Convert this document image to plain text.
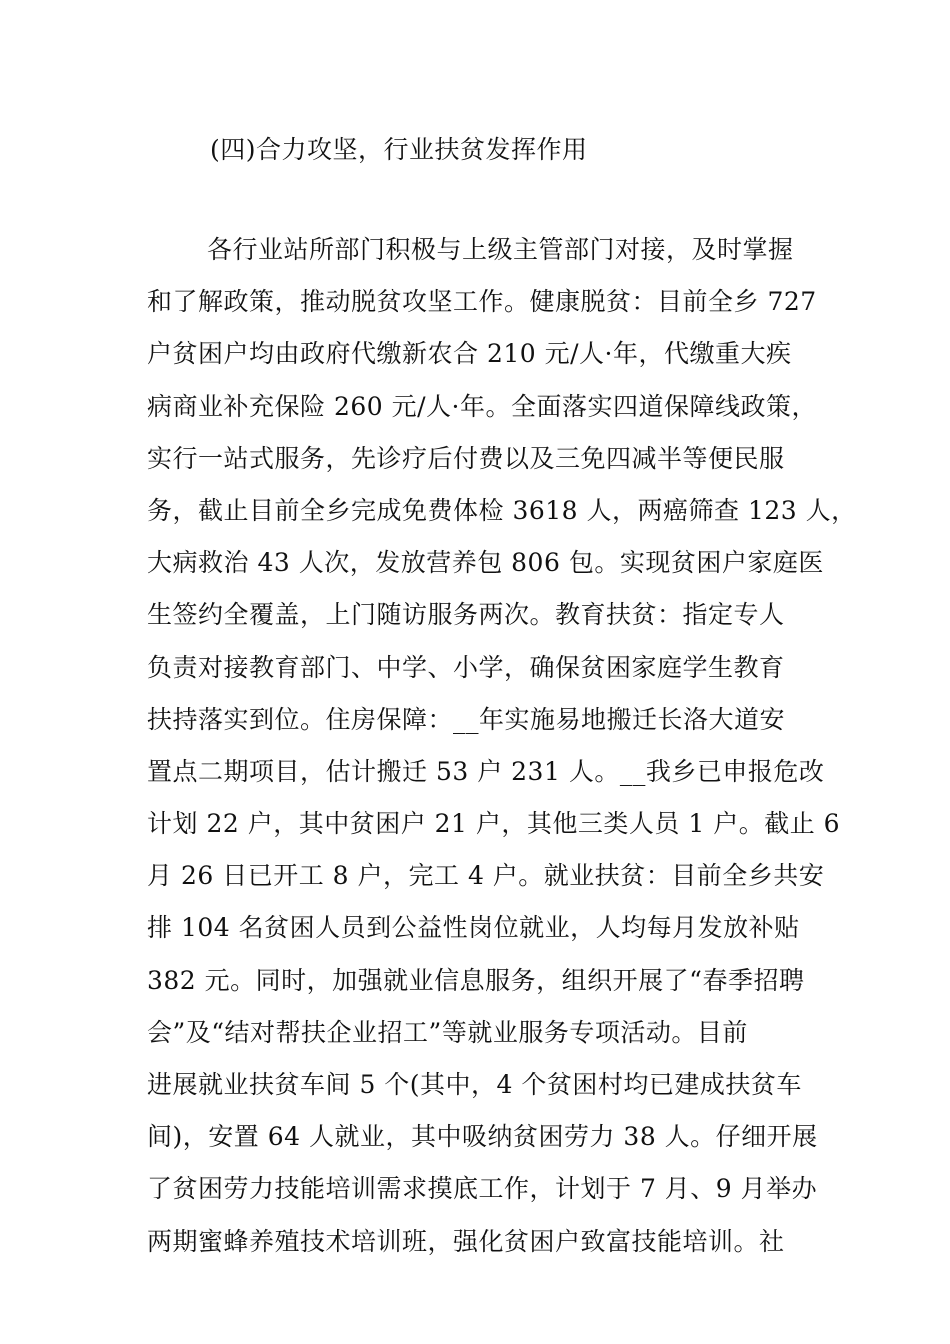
(四)合力攻坚，行业扶贫发挥作用
各行业站所部门积极与上级主管部门对接，及时掌握
和了解政策，推动脱贫攻坚工作。健康脱贫：目前全乡 727
户贫困户均由政府代缴新农合 210 元/人·年，代缴重大疾
病商业补充保险 260 元/人·年。全面落实四道保障线政策，
实行一站式服务，先诊疗后付费以及三免四减半等便民服
务，截止目前全乡完成免费体检 3618 人，两癌筛查 123 人，
大病救治 43 人次，发放营养包 806 包。实现贫困户家庭医
生签约全覆盖，上门随访服务两次。教育扶贫：指定专人
负责对接教育部门、中学、小学，确保贫困家庭学生教育
扶持落实到位。住房保障：__年实施易地搬迁长洛大道安
置点二期项目，估计搬迁 53 户 231 人。__我乡已申报危改
计划 22 户，其中贫困户 21 户，其他三类人员 1 户。截止 6
月 26 日已开工 8 户，完工 4 户。就业扶贫：目前全乡共安
排 104 名贫困人员到公益性岗位就业，人均每月发放补贴
382 元。同时，加强就业信息服务，组织开展了“春季招聘
会”及“结对帮扶企业招工”等就业服务专项活动。目前
进展就业扶贫车间 5 个(其中，4 个贫困村均已建成扶贫车
间)，安置 64 人就业，其中吸纳贫困劳力 38 人。仔细开展
了贫困劳力技能培训需求摸底工作，计划于 7 月、9 月举办
两期蜜蜂养殖技术培训班，强化贫困户致富技能培训。社
